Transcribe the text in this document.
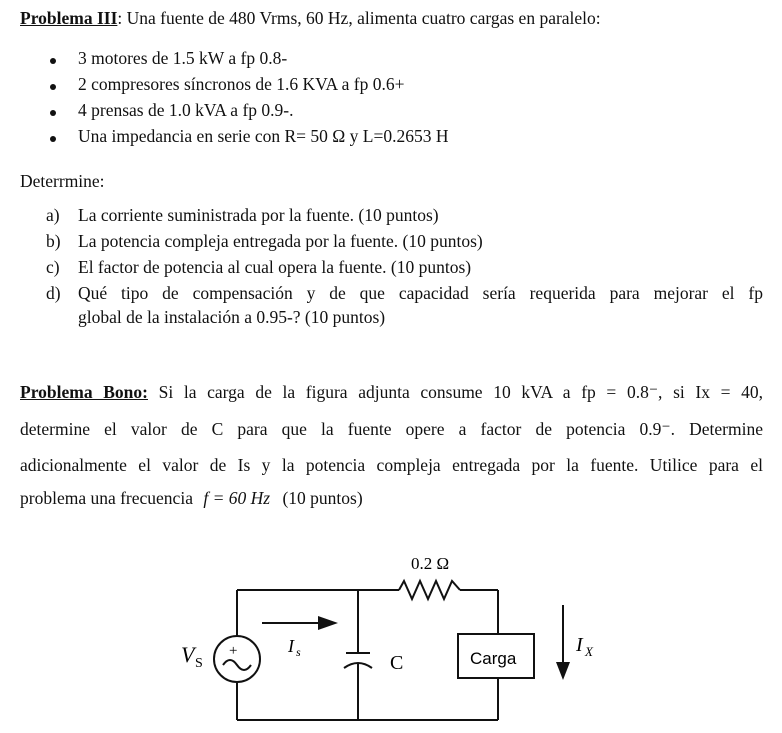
Problema III: Una fuente de 480 Vrms, 60 Hz, alimenta cuatro cargas en paralelo:
3 motores de 1.5 kW a fp 0.8-
2 compresores síncronos de 1.6 KVA a fp 0.6+
4 prensas de 1.0 kVA a fp 0.9-.
Una impedancia en serie con R= 50 Ω y L=0.2653 H
Deterrmine:
a) La corriente suministrada por la fuente. (10 puntos)
b) La potencia compleja entregada por la fuente. (10 puntos)
c) El factor de potencia al cual opera la fuente. (10 puntos)
d) Qué tipo de compensación y de que capacidad sería requerida para mejorar el fp
global de la instalación a 0.95-? (10 puntos)
Problema Bono: Si la carga de la figura adjunta consume 10 kVA a fp = 0.8⁻, si Ix = 40,
determine el valor de C para que la fuente opere a factor de potencia 0.9⁻. Determine
adicionalmente el valor de Is y la potencia compleja entregada por la fuente. Utilice para el
problema una frecuencia f = 60 Hz (10 puntos)
0.2 Ω
+
V S
I s	C	Carga
I X
